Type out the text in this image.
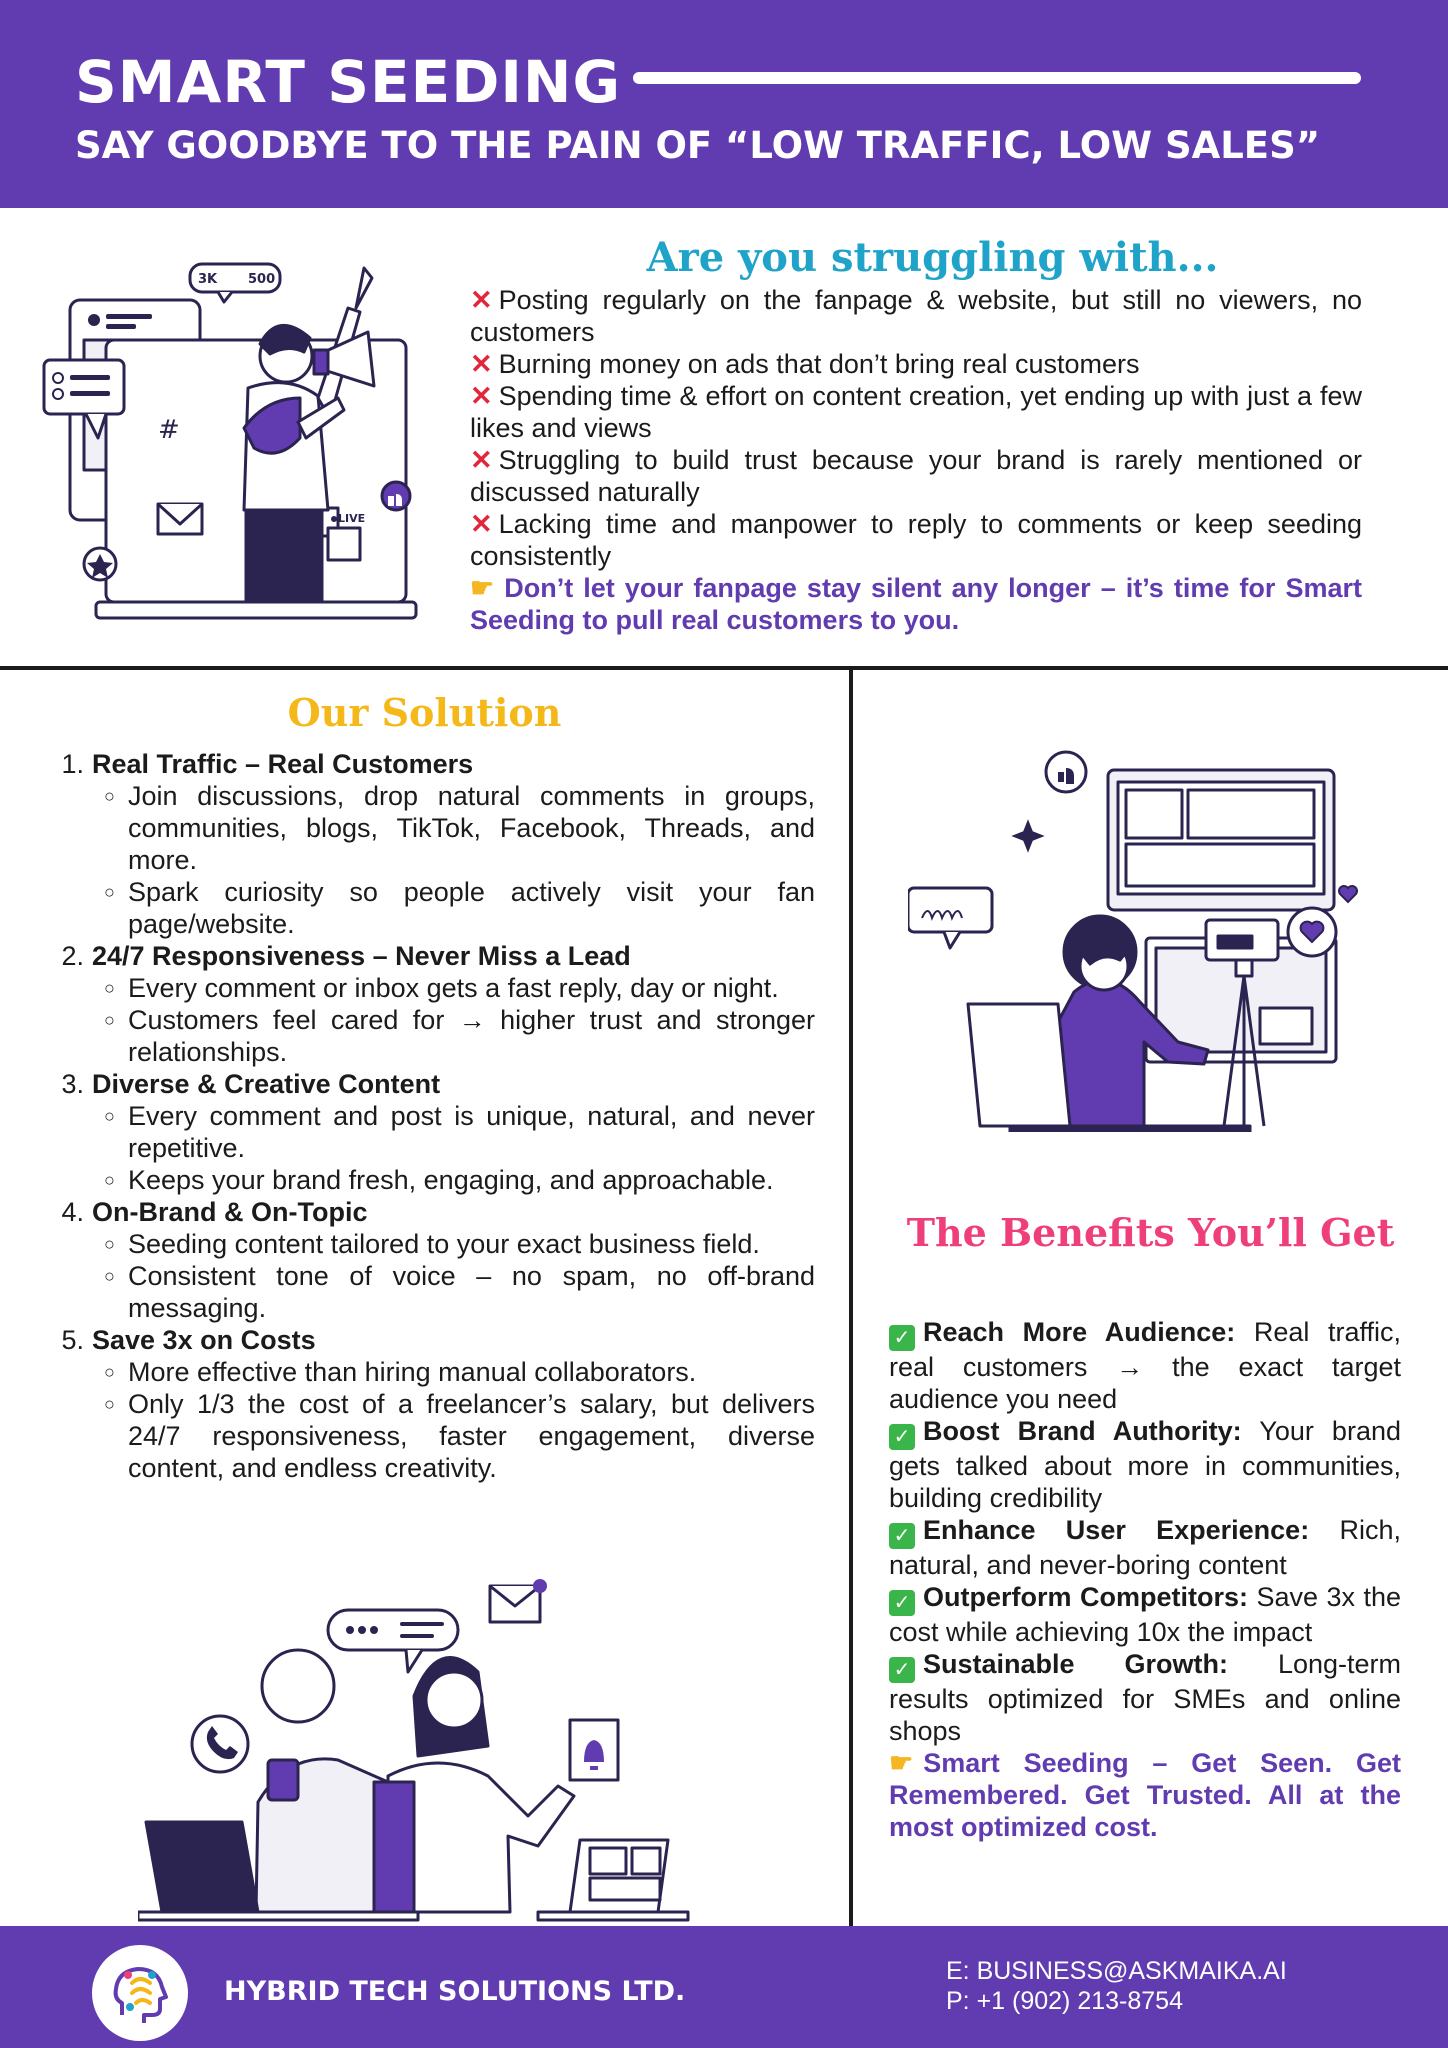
SMART SEEDING
SAY GOODBYE TO THE PAIN OF “LOW TRAFFIC, LOW SALES”
#
3K 500
LIVE
Are you struggling with...
✕ Posting regularly on the fanpage & website, but still no viewers, no customers
✕ Burning money on ads that don’t bring real customers
✕ Spending time & effort on content creation, yet ending up with just a few likes and views
✕ Struggling to build trust because your brand is rarely mentioned or discussed naturally
✕ Lacking time and manpower to reply to comments or keep seeding consistently
☛ Don’t let your fanpage stay silent any longer – it’s time for Smart Seeding to pull real customers to you.
Our Solution
1. Real Traffic – Real Customers
○ Join discussions, drop natural comments in groups, communities, blogs, TikTok, Facebook, Threads, and more.
○ Spark curiosity so people actively visit your fan page/website.
2. 24/7 Responsiveness – Never Miss a Lead
○ Every comment or inbox gets a fast reply, day or night.
○ Customers feel cared for → higher trust and stronger relationships.
3. Diverse & Creative Content
○ Every comment and post is unique, natural, and never repetitive.
○ Keeps your brand fresh, engaging, and approachable.
4. On-Brand & On-Topic
○ Seeding content tailored to your exact business field.
○ Consistent tone of voice – no spam, no off-brand messaging.
5. Save 3x on Costs
○ More effective than hiring manual collaborators.
○ Only 1/3 the cost of a freelancer’s salary, but delivers 24/7 responsiveness, faster engagement, diverse content, and endless creativity.
The Benefits You’ll Get
✓ Reach More Audience: Real traffic, real customers → the exact target audience you need
✓ Boost Brand Authority: Your brand gets talked about more in communities, building credibility
✓ Enhance User Experience: Rich, natural, and never-boring content
✓ Outperform Competitors: Save 3x the cost while achieving 10x the impact
✓ Sustainable Growth: Long-term results optimized for SMEs and online shops
☛ Smart Seeding – Get Seen. Get Remembered. Get Trusted. All at the most optimized cost.
HYBRID TECH SOLUTIONS LTD.
E: BUSINESS@ASKMAIKA.AI
P: +1 (902) 213-8754
